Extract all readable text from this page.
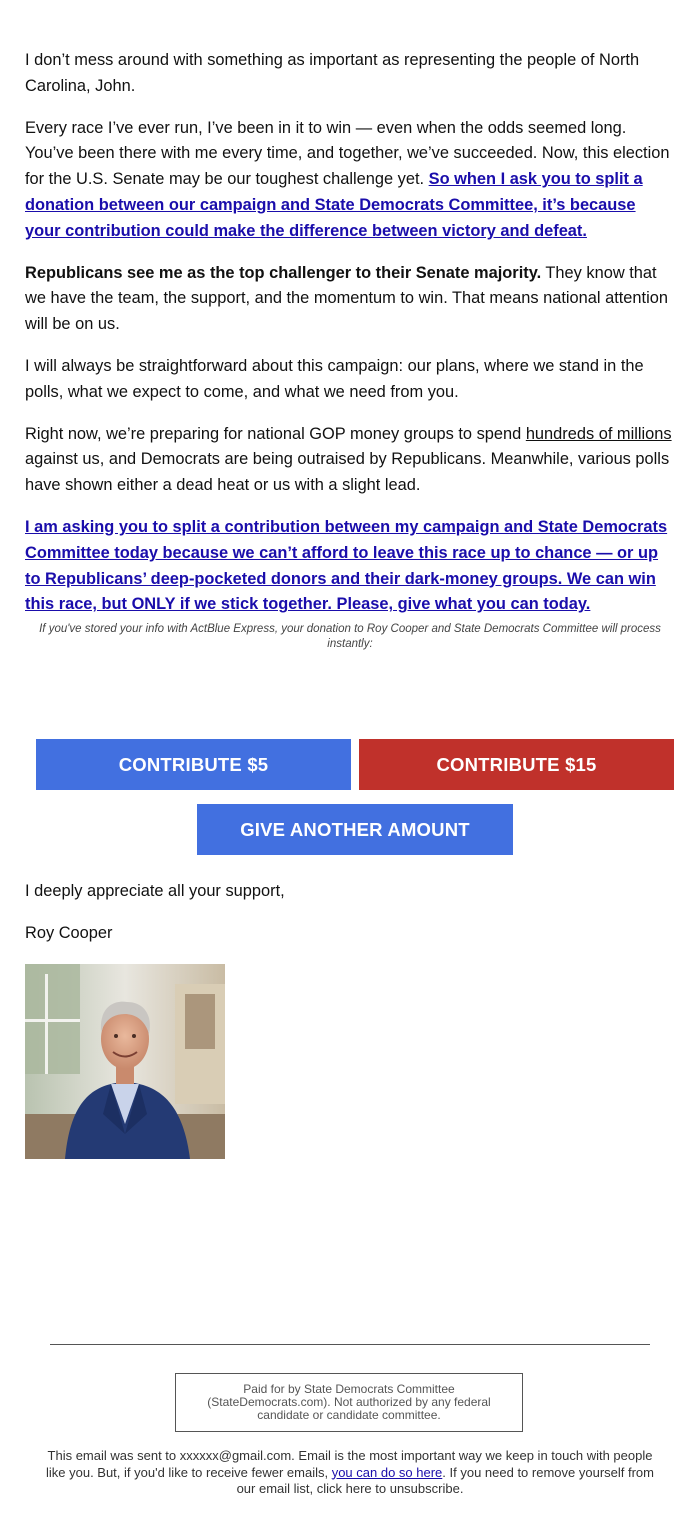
I don’t mess around with something as important as representing the people of North Carolina, John.

Every race I’ve ever run, I’ve been in it to win — even when the odds seemed long. You’ve been there with me every time, and together, we’ve succeeded. Now, this election for the U.S. Senate may be our toughest challenge yet. So when I ask you to split a donation between our campaign and State Democrats Committee, it’s because your contribution could make the difference between victory and defeat.

Republicans see me as the top challenger to their Senate majority. They know that we have the team, the support, and the momentum to win. That means national attention will be on us.

I will always be straightforward about this campaign: our plans, where we stand in the polls, what we expect to come, and what we need from you.

Right now, we’re preparing for national GOP money groups to spend hundreds of millions against us, and Democrats are being outraised by Republicans. Meanwhile, various polls have shown either a dead heat or us with a slight lead.

I am asking you to split a contribution between my campaign and State Democrats Committee today because we can’t afford to leave this race up to chance — or up to Republicans’ deep-pocketed donors and their dark-money groups. We can win this race, but ONLY if we stick together. Please, give what you can today.

If you've stored your info with ActBlue Express, your donation to Roy Cooper and State Democrats Committee will process instantly:

CONTRIBUTE $5	CONTRIBUTE $15
GIVE ANOTHER AMOUNT
I deeply appreciate all your support,
Roy Cooper
Paid for by State Democrats Committee (StateDemocrats.com). Not authorized by any federal candidate or candidate committee.
This email was sent to xxxxxx@gmail.com. Email is the most important way we keep in touch with people like you. But, if you'd like to receive fewer emails, you can do so here. If you need to remove yourself from our email list, click here to unsubscribe.
